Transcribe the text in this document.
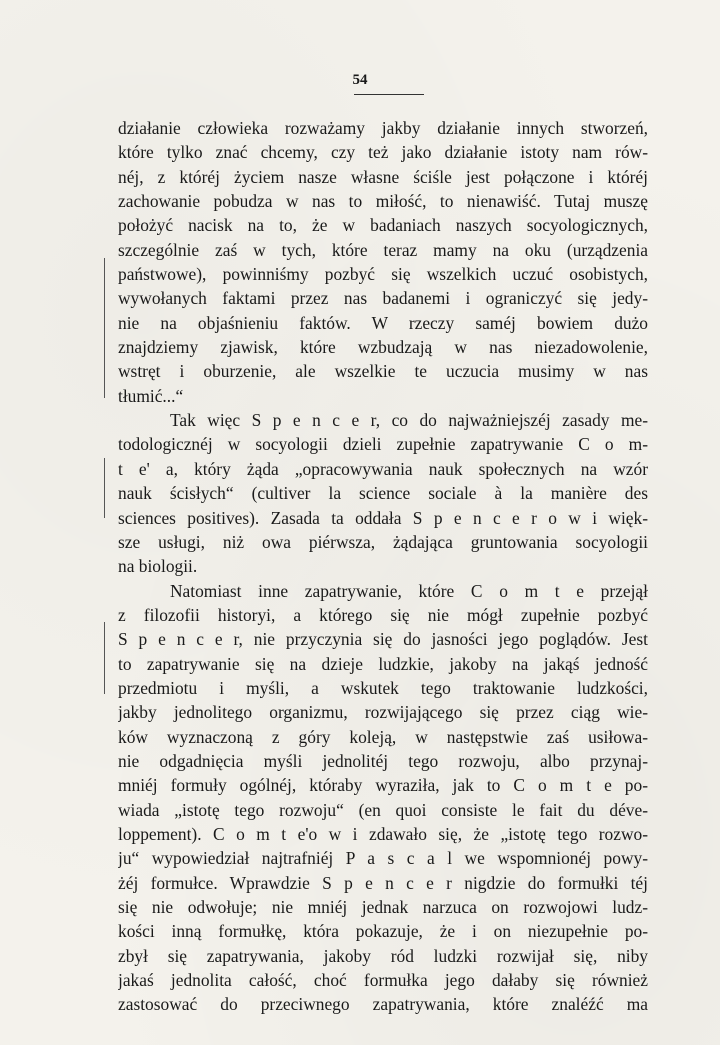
54
działanie człowieka rozważamy jakby działanie innych stworzeń,
które tylko znać chcemy, czy też jako działanie istoty nam rów-
néj, z któréj życiem nasze własne ściśle jest połączone i któréj
zachowanie pobudza w nas to miłość, to nienawiść. Tutaj muszę
położyć nacisk na to, że w badaniach naszych socyologicznych,
szczególnie zaś w tych, które teraz mamy na oku (urządzenia
państwowe), powinniśmy pozbyć się wszelkich uczuć osobistych,
wywołanych faktami przez nas badanemi i ograniczyć się jedy-
nie na objaśnieniu faktów. W rzeczy saméj bowiem dużo
znajdziemy zjawisk, które wzbudzają w nas niezadowolenie,
wstręt i oburzenie, ale wszelkie te uczucia musimy w nas
tłumić...“
Tak więc S p e n c e r, co do najważniejszéj zasady me-
todologicznéj w socyologii dzieli zupełnie zapatrywanie C o m-
t e' a, który żąda „opracowywania nauk społecznych na wzór
nauk ścisłych“ (cultiver la science sociale à la manière des
sciences positives). Zasada ta oddała S p e n c e r o w i więk-
sze usługi, niż owa piérwsza, żądająca gruntowania socyologii
na biologii.
Natomiast inne zapatrywanie, które C o m t e przejął
z filozofii historyi, a którego się nie mógł zupełnie pozbyć
S p e n c e r, nie przyczynia się do jasności jego poglądów. Jest
to zapatrywanie się na dzieje ludzkie, jakoby na jakąś jedność
przedmiotu i myśli, a wskutek tego traktowanie ludzkości,
jakby jednolitego organizmu, rozwijającego się przez ciąg wie-
ków wyznaczoną z góry koleją, w następstwie zaś usiłowa-
nie odgadnięcia myśli jednolitéj tego rozwoju, albo przynaj-
mniéj formuły ogólnéj, któraby wyraziła, jak to C o m t e po-
wiada „istotę tego rozwoju“ (en quoi consiste le fait du déve-
loppement). C o m t e'o w i zdawało się, że „istotę tego rozwo-
ju“ wypowiedział najtrafniéj P a s c a l we wspomnionéj powy-
żéj formułce. Wprawdzie S p e n c e r nigdzie do formułki téj
się nie odwołuje; nie mniéj jednak narzuca on rozwojowi ludz-
kości inną formułkę, która pokazuje, że i on niezupełnie po-
zbył się zapatrywania, jakoby ród ludzki rozwijał się, niby
jakaś jednolita całość, choć formułka jego dałaby się również
zastosować do przeciwnego zapatrywania, które znaléźć ma
